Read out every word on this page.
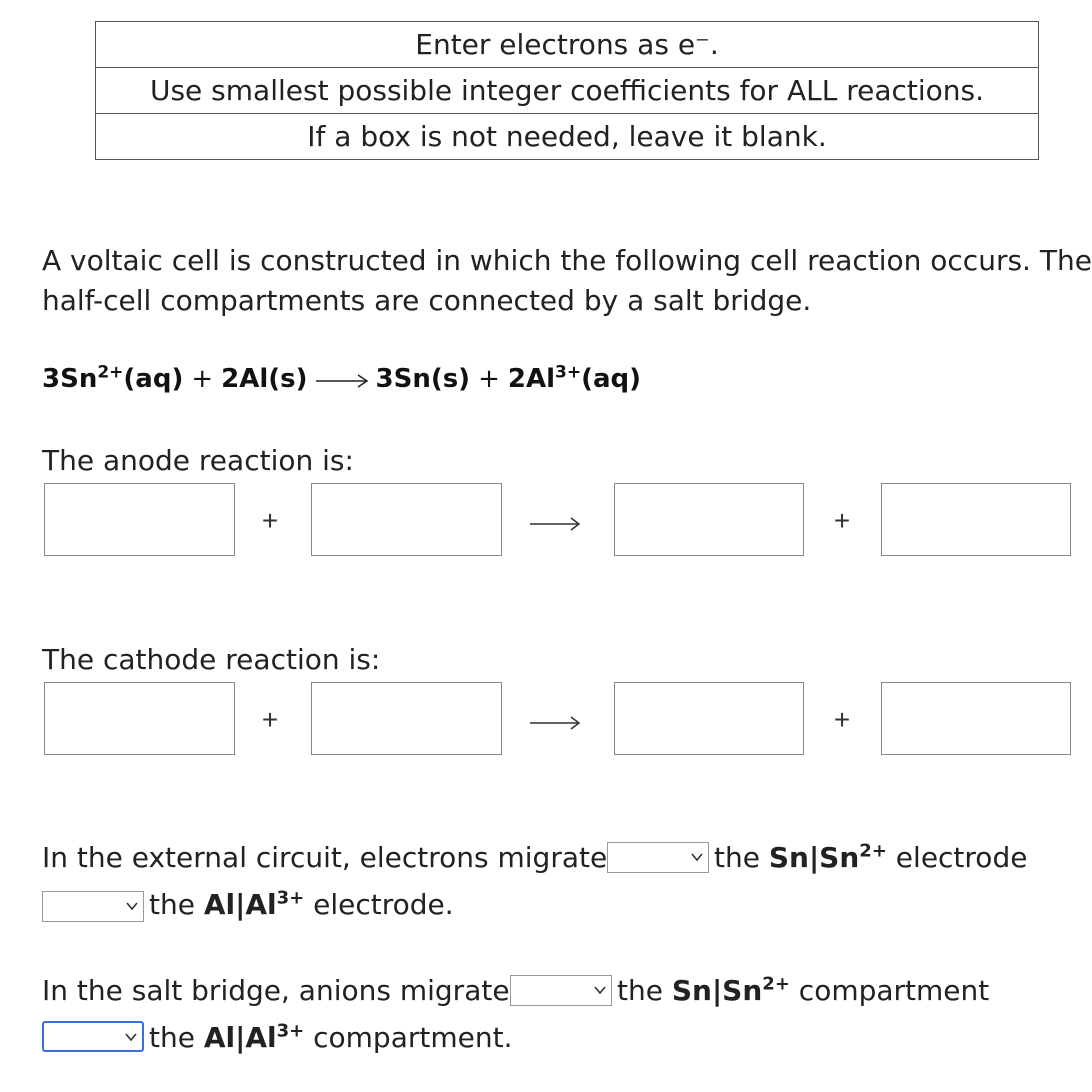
Enter electrons as e⁻.
Use smallest possible integer coefficients for ALL reactions.
If a box is not needed, leave it blank.
A voltaic cell is constructed in which the following cell reaction occurs. The
half-cell compartments are connected by a salt bridge.
$3Sn^{2+}(aq) + 2Al(s)$	$3Sn(s) + 2Al^{3+}(aq)$
The anode reaction is:
+	+
The cathode reaction is:
+	+
In the external circuit, electrons migrate	the $Sn|Sn^{2+}$ electrode
the $Al|Al^{3+}$ electrode.
In the salt bridge, anions migrate	the $Sn|Sn^{2+}$ compartment
the $Al|Al^{3+}$ compartment.
